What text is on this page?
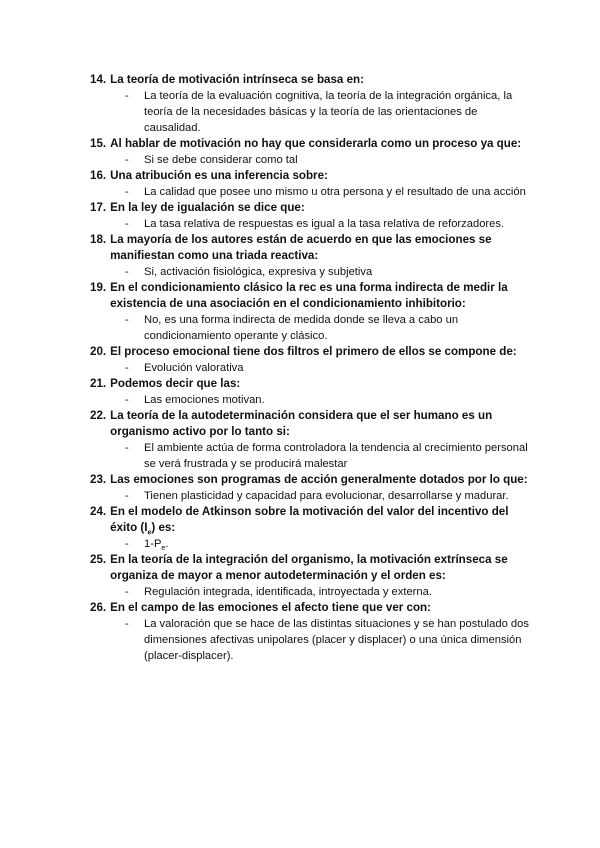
14. La teoría de motivación intrínseca se basa en:
-	La teoría de la evaluación cognitiva, la teoría de la integración orgánica, la teoría de la necesidades básicas y la teoría de las orientaciones de causalidad.
15. Al hablar de motivación no hay que considerarla como un proceso ya que:
-	Si se debe considerar como tal
16. Una atribución es una inferencia sobre:
-	La calidad que posee uno mismo u otra persona y el resultado de una acción
17. En la ley de igualación se dice que:
-	La tasa relativa de respuestas es igual a la tasa relativa de reforzadores.
18. La mayoría de los autores están de acuerdo en que las emociones se manifiestan como una triada reactiva:
-	Si, activación fisiológica, expresiva y subjetiva
19. En el condicionamiento clásico la rec es una forma indirecta de medir la existencia de una asociación en el condicionamiento inhibitorio:
-	No, es una forma indirecta de medida donde se lleva a cabo un condicionamiento operante y clásico.
20. El proceso emocional tiene dos filtros el primero de ellos se compone de:
-	Evolución valorativa
21. Podemos decir que las:
-	Las emociones motivan.
22. La teoría de la autodeterminación considera que el ser humano es un organismo activo por lo tanto si:
-	El ambiente actúa de forma controladora la tendencia al crecimiento personal se verá frustrada y se producirá malestar
23. Las emociones son programas de acción generalmente dotados por lo que:
-	Tienen plasticidad y capacidad para evolucionar, desarrollarse y madurar.
24. En el modelo de Atkinson sobre la motivación del valor del incentivo del éxito $(I_e)$ es:
-	$1-P_e$.
25. En la teoría de la integración del organismo, la motivación extrínseca se organiza de mayor a menor autodeterminación y el orden es:
-	Regulación integrada, identificada, introyectada y externa.
26. En el campo de las emociones el afecto tiene que ver con:
-	La valoración que se hace de las distintas situaciones y se han postulado dos dimensiones afectivas unipolares (placer y displacer) o una única dimensión (placer-displacer).
